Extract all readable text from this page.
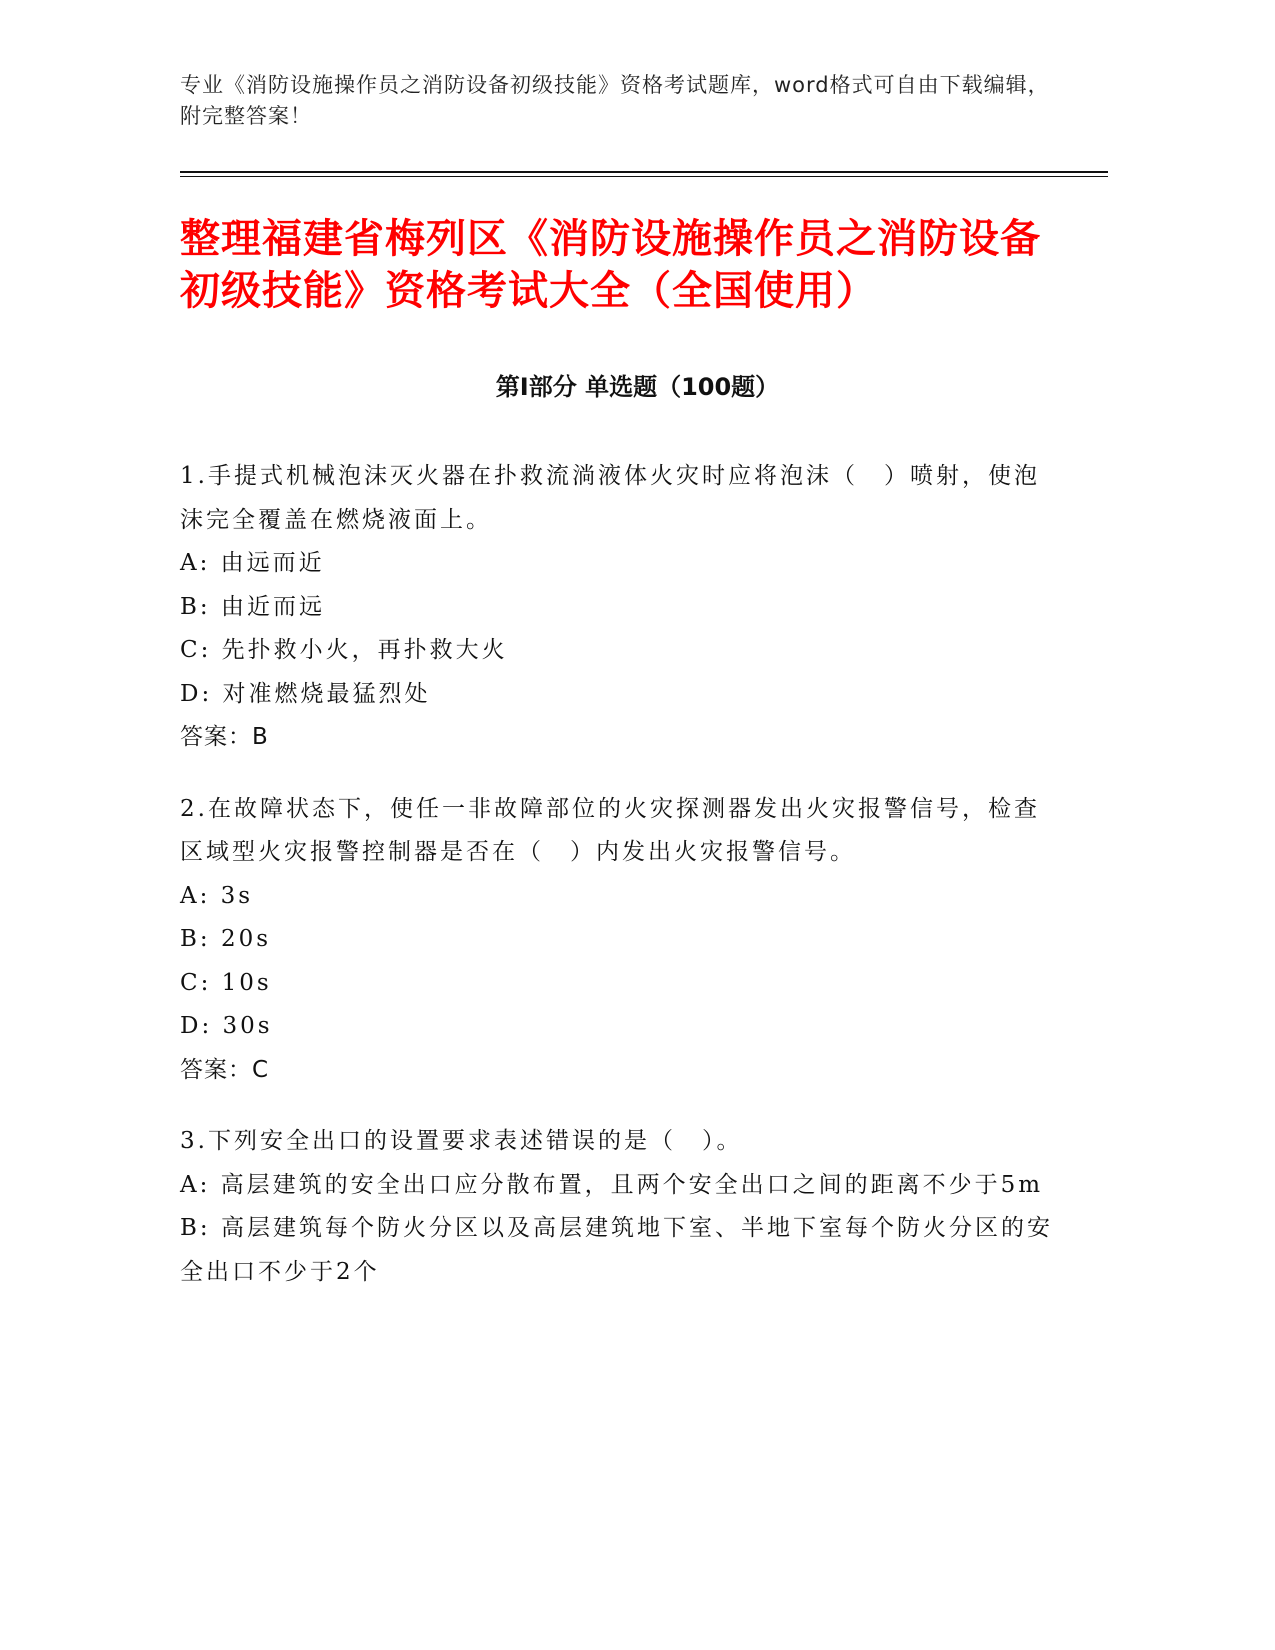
专业《消防设施操作员之消防设备初级技能》资格考试题库，word格式可自由下载编辑，附完整答案！
整理福建省梅列区《消防设施操作员之消防设备初级技能》资格考试大全（全国使用）
第Ⅰ部分 单选题（100题）
1.手提式机械泡沫灭火器在扑救流淌液体火灾时应将泡沫（　）喷射，使泡沫完全覆盖在燃烧液面上。
A: 由远而近
B: 由近而远
C: 先扑救小火，再扑救大火
D: 对准燃烧最猛烈处
答案：B
2.在故障状态下，使任一非故障部位的火灾探测器发出火灾报警信号，检查区域型火灾报警控制器是否在（　）内发出火灾报警信号。
A: 3s
B: 20s
C: 10s
D: 30s
答案：C
3.下列安全出口的设置要求表述错误的是（　）。
A: 高层建筑的安全出口应分散布置，且两个安全出口之间的距离不少于5m
B: 高层建筑每个防火分区以及高层建筑地下室、半地下室每个防火分区的安全出口不少于2个
